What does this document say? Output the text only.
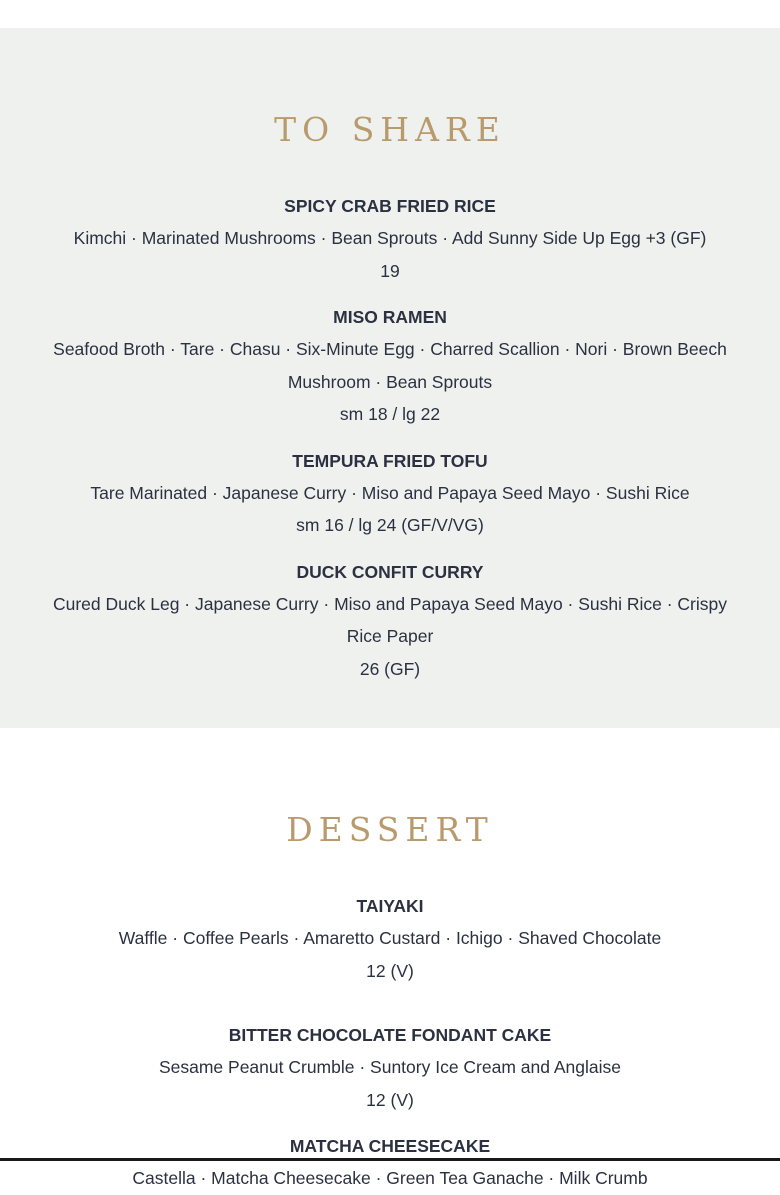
TO SHARE
SPICY CRAB FRIED RICE
Kimchi · Marinated Mushrooms · Bean Sprouts · Add Sunny Side Up Egg +3 (GF)
19
MISO RAMEN
Seafood Broth · Tare · Chasu · Six-Minute Egg · Charred Scallion · Nori · Brown Beech Mushroom · Bean Sprouts
sm 18 / lg 22
TEMPURA FRIED TOFU
Tare Marinated · Japanese Curry · Miso and Papaya Seed Mayo · Sushi Rice
sm 16 / lg 24 (GF/V/VG)
DUCK CONFIT CURRY
Cured Duck Leg · Japanese Curry · Miso and Papaya Seed Mayo · Sushi Rice · Crispy Rice Paper
26 (GF)
DESSERT
TAIYAKI
Waffle · Coffee Pearls · Amaretto Custard · Ichigo · Shaved Chocolate
12 (V)
BITTER CHOCOLATE FONDANT CAKE
Sesame Peanut Crumble · Suntory Ice Cream and Anglaise
12 (V)
MATCHA CHEESECAKE
Castella · Matcha Cheesecake · Green Tea Ganache · Milk Crumb
